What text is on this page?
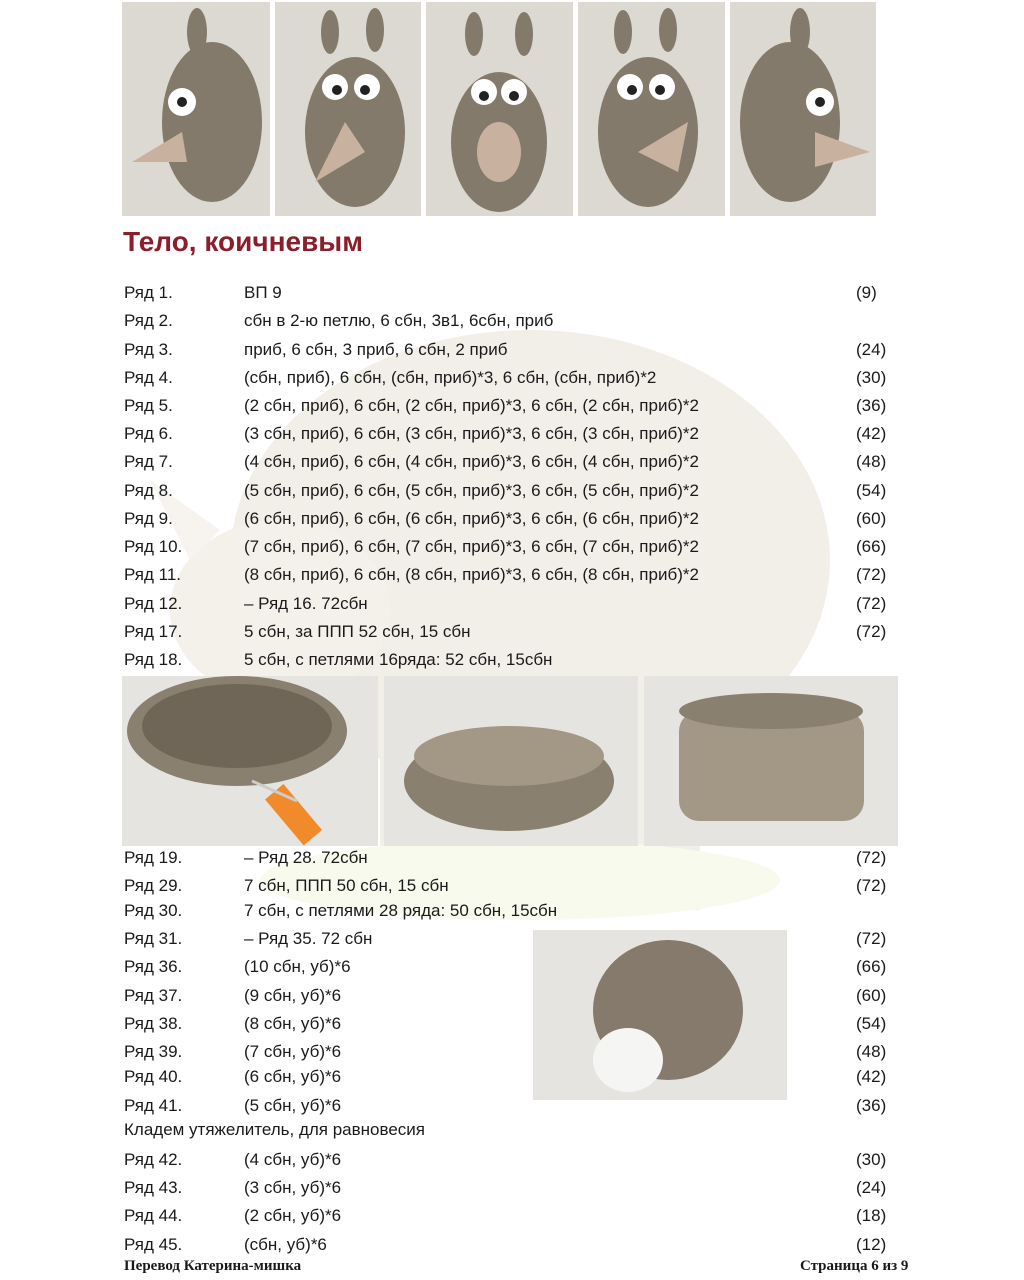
Тело, коичневым
Ряд 1.	ВП 9	(9)
Ряд 2.	сбн в 2-ю петлю, 6 сбн, 3в1, 6сбн, приб
Ряд 3.	приб, 6 сбн, 3 приб, 6 сбн, 2 приб	(24)
Ряд 4.	(сбн, приб), 6 сбн, (сбн, приб)*3, 6 сбн, (сбн, приб)*2	(30)
Ряд 5.	(2 сбн, приб), 6 сбн, (2 сбн, приб)*3, 6 сбн, (2 сбн, приб)*2	(36)
Ряд 6.	(3 сбн, приб), 6 сбн, (3 сбн, приб)*3, 6 сбн, (3 сбн, приб)*2	(42)
Ряд 7.	(4 сбн, приб), 6 сбн, (4 сбн, приб)*3, 6 сбн, (4 сбн, приб)*2	(48)
Ряд 8.	(5 сбн, приб), 6 сбн, (5 сбн, приб)*3, 6 сбн, (5 сбн, приб)*2	(54)
Ряд 9.	(6 сбн, приб), 6 сбн, (6 сбн, приб)*3, 6 сбн, (6 сбн, приб)*2	(60)
Ряд 10.	(7 сбн, приб), 6 сбн, (7 сбн, приб)*3, 6 сбн, (7 сбн, приб)*2	(66)
Ряд 11.	(8 сбн, приб), 6 сбн, (8 сбн, приб)*3, 6 сбн, (8 сбн, приб)*2	(72)
Ряд 12.	– Ряд 16. 72сбн	(72)
Ряд 17.	5 сбн, за ППП 52 сбн, 15 сбн	(72)
Ряд 18.	5 сбн, с петлями 16ряда: 52 сбн, 15сбн
Ряд 19.	– Ряд 28. 72сбн	(72)
Ряд 29.	7 сбн, ППП 50 сбн, 15 сбн	(72)
Ряд 30.	7 сбн, с петлями 28 ряда: 50 сбн, 15сбн
Ряд 31.	– Ряд 35. 72 сбн	(72)
Ряд 36.	(10 сбн, уб)*6	(66)
Ряд 37.	(9 сбн, уб)*6	(60)
Ряд 38.	(8 сбн, уб)*6	(54)
Ряд 39.	(7 сбн, уб)*6	(48)
Ряд 40.	(6 сбн, уб)*6	(42)
Ряд 41.	(5 сбн, уб)*6	(36)
Кладем утяжелитель, для равновесия
Ряд 42.	(4 сбн, уб)*6	(30)
Ряд 43.	(3 сбн, уб)*6	(24)
Ряд 44.	(2 сбн, уб)*6	(18)
Ряд 45.	(сбн, уб)*6	(12)
Перевод Катерина-мишка	Страница 6 из 9
